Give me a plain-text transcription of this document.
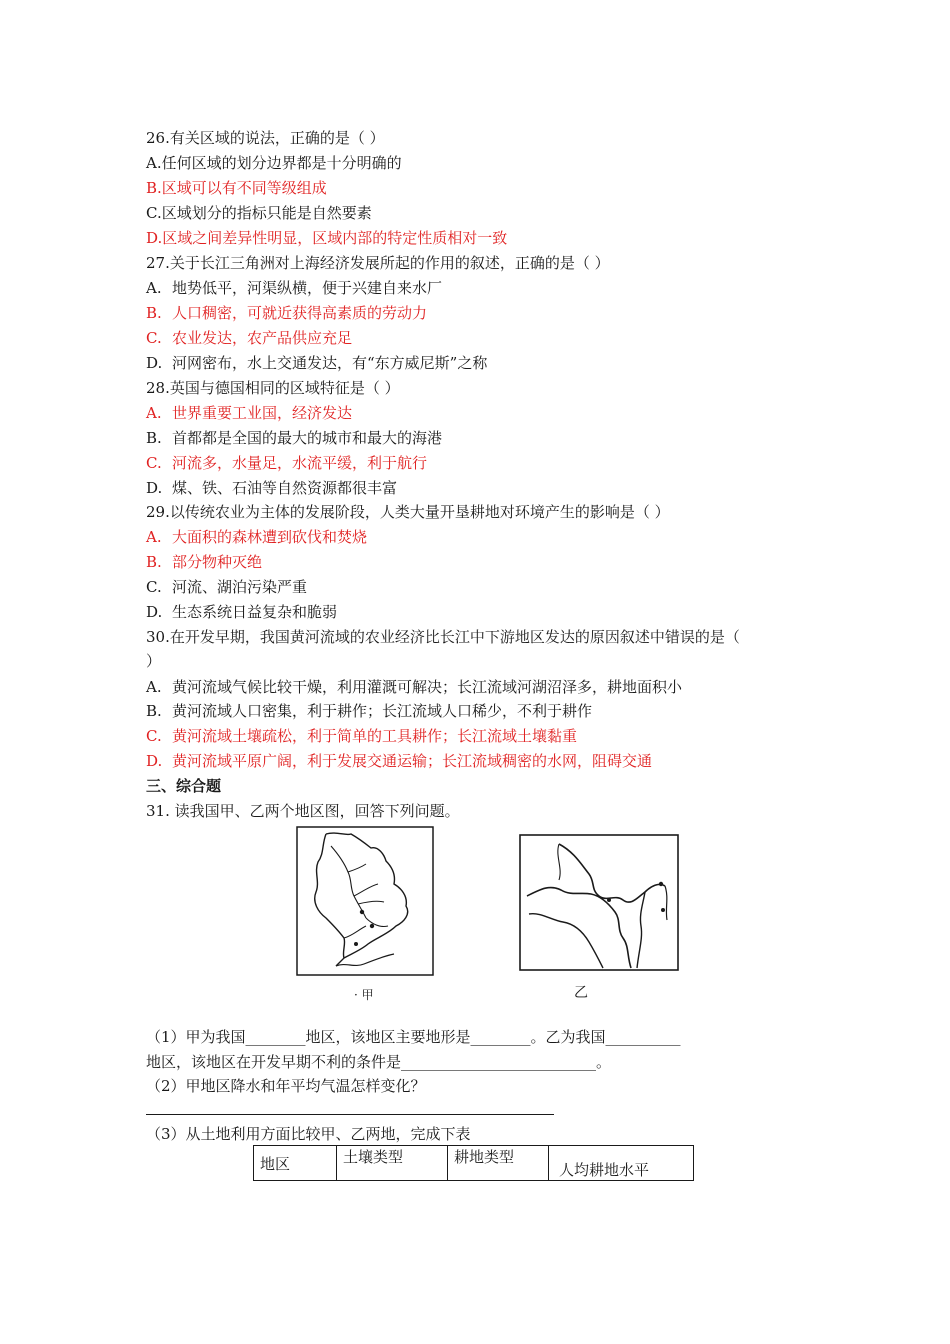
26.有关区域的说法，正确的是（ ）
A.任何区域的划分边界都是十分明确的
B.区域可以有不同等级组成
C.区域划分的指标只能是自然要素
D.区域之间差异性明显，区域内部的特定性质相对一致
27.关于长江三角洲对上海经济发展所起的作用的叙述，正确的是（ ）
A. 地势低平，河渠纵横，便于兴建自来水厂
B. 人口稠密，可就近获得高素质的劳动力
C. 农业发达，农产品供应充足
D. 河网密布，水上交通发达，有“东方威尼斯”之称
28.英国与德国相同的区域特征是（ ）
A. 世界重要工业国，经济发达
B. 首都都是全国的最大的城市和最大的海港
C. 河流多，水量足，水流平缓，利于航行
D. 煤、铁、石油等自然资源都很丰富
29.以传统农业为主体的发展阶段，人类大量开垦耕地对环境产生的影响是（ ）
A. 大面积的森林遭到砍伐和焚烧
B. 部分物种灭绝
C. 河流、湖泊污染严重
D. 生态系统日益复杂和脆弱
30.在开发早期，我国黄河流域的农业经济比长江中下游地区发达的原因叙述中错误的是（
）
A. 黄河流域气候比较干燥，利用灌溉可解决；长江流域河湖沼泽多，耕地面积小
B. 黄河流域人口密集，利于耕作；长江流域人口稀少，不利于耕作
C. 黄河流域土壤疏松，利于简单的工具耕作；长江流域土壤黏重
D. 黄河流域平原广阔，利于发展交通运输；长江流域稠密的水网，阻碍交通
三、综合题
31. 读我国甲、乙两个地区图，回答下列问题。
· 甲	乙
（1）甲为我国________地区，该地区主要地形是________。乙为我国__________
地区，该地区在开发早期不利的条件是__________________________。
（2）甲地区降水和年平均气温怎样变化？
（3）从土地利用方面比较甲、乙两地，完成下表
地区	土壤类型	耕地类型	人均耕地水平
